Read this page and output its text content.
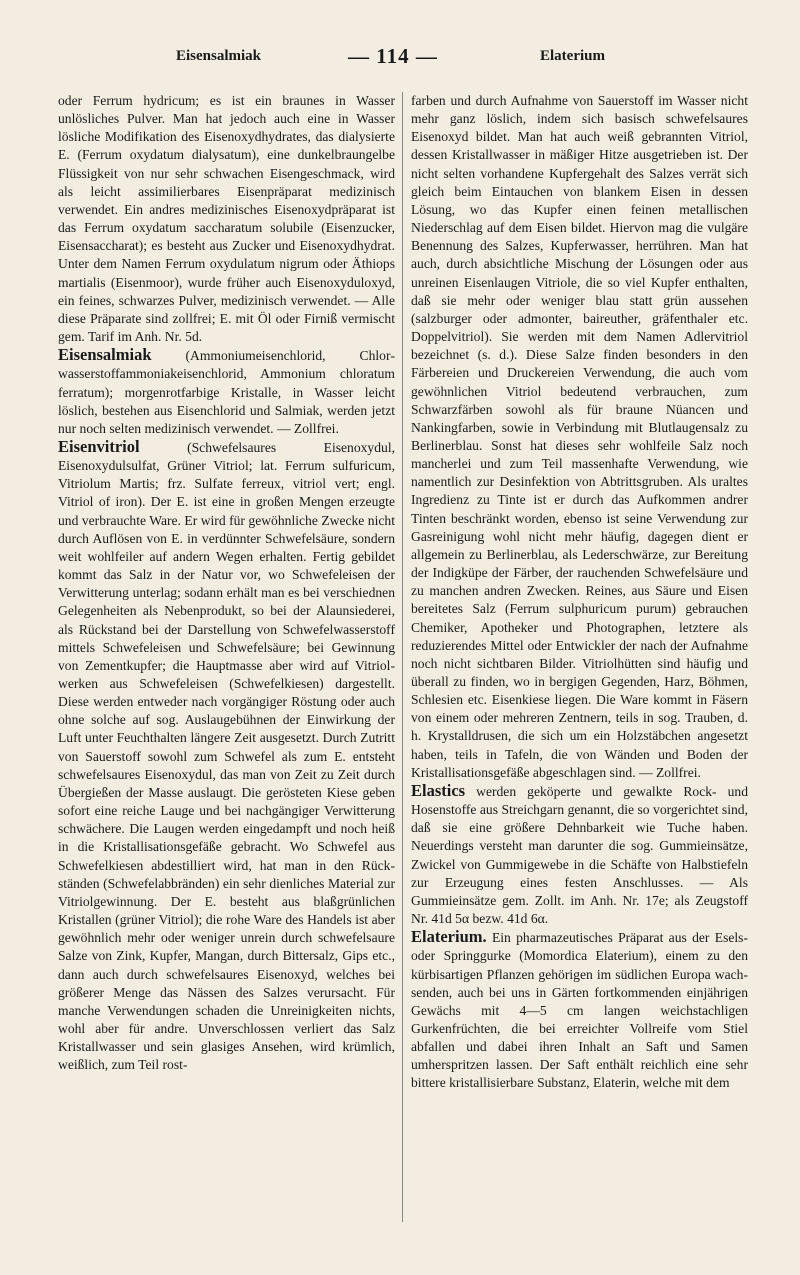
Eisensalmiak	— 114 —	Elaterium

oder Ferrum hydricum; es ist ein braunes in Wasser unlösliches Pulver. Man hat jedoch auch eine in Wasser lösliche Modifikation des Eisenoxydhydrates, das dialysierte E. (Ferrum oxydatum dialysatum), eine dunkelbraungelbe Flüssigkeit von nur sehr schwachen Eisengeschmack, wird als leicht assimilierbares Eisenpräparat medizinisch verwendet. Ein andres medizinisches Eisenoxydpräparat ist das Ferrum oxydatum saccharatum solubile (Eisenzucker, Eisensaccharat); es besteht aus Zucker und Eisenoxydhydrat. Unter dem Namen Ferrum oxydulatum nigrum oder Äthiops martialis (Eisenmoor), wurde früher auch Eisenoxyduloxyd, ein feines, schwarzes Pulver, medizinisch verwendet. — Alle diese Präparate sind zollfrei; E. mit Öl oder Firniß vermischt gem. Tarif im Anh. Nr. 5d.

Eisensalmiak (Ammoniumeisenchlorid, Chlorwasserstoffammoniakeisenchlorid, Ammonium chloratum ferratum); morgenrotfarbige Kristalle, in Wasser leicht löslich, bestehen aus Eisenchlorid und Salmiak, werden jetzt nur noch selten medizinisch verwendet. — Zollfrei.

Eisenvitriol (Schwefelsaures Eisenoxydul, Eisenoxydulsulfat, Grüner Vitriol; lat. Ferrum sulfuricum, Vitriolum Martis; frz. Sulfate ferreux, vitriol vert; engl. Vitriol of iron). Der E. ist eine in großen Mengen erzeugte und verbrauchte Ware. Er wird für gewöhnliche Zwecke nicht durch Auflösen von E. in verdünnter Schwefelsäure, sondern weit wohlfeiler auf andern Wegen erhalten. Fertig gebildet kommt das Salz in der Natur vor, wo Schwefeleisen der Verwitterung unterlag; sodann erhält man es bei verschiednen Gelegenheiten als Nebenprodukt, so bei der Alaunsiederei, als Rückstand bei der Darstellung von Schwefelwasserstoff mittels Schwefeleisen und Schwefelsäure; bei Gewinnung von Zementkupfer; die Hauptmasse aber wird auf Vitriolwerken aus Schwefeleisen (Schwefelkiesen) dargestellt. Diese werden entweder nach vorgängiger Röstung oder auch ohne solche auf sog. Auslaugebühnen der Einwirkung der Luft unter Feuchthalten längere Zeit ausgesetzt. Durch Zutritt von Sauerstoff sowohl zum Schwefel als zum E. entsteht schwefelsaures Eisenoxydul, das man von Zeit zu Zeit durch Übergießen der Masse auslaugt. Die gerösteten Kiese geben sofort eine reiche Lauge und bei nachgängiger Verwitterung schwächere. Die Laugen werden eingedampft und noch heiß in die Kristallisationsgefäße gebracht. Wo Schwefel aus Schwefelkiesen abdestilliert wird, hat man in den Rückständen (Schwefelabbränden) ein sehr dienliches Material zur Vitriolgewinnung. Der E. besteht aus blaßgrünlichen Kristallen (grüner Vitriol); die rohe Ware des Handels ist aber gewöhnlich mehr oder weniger unrein durch schwefelsaure Salze von Zink, Kupfer, Mangan, durch Bittersalz, Gips etc., dann auch durch schwefelsaures Eisenoxyd, welches bei größerer Menge das Nässen des Salzes verursacht. Für manche Verwendungen schaden die Unreinigkeiten nichts, wohl aber für andre. Unverschlossen verliert das Salz Kristallwasser und sein glasiges Ansehen, wird krümlich, weißlich, zum Teil rost-

farben und durch Aufnahme von Sauerstoff im Wasser nicht mehr ganz löslich, indem sich basisch schwefelsaures Eisenoxyd bildet. Man hat auch weiß gebrannten Vitriol, dessen Kristallwasser in mäßiger Hitze ausgetrieben ist. Der nicht selten vorhandene Kupfergehalt des Salzes verrät sich gleich beim Eintauchen von blankem Eisen in dessen Lösung, wo das Kupfer einen feinen metallischen Niederschlag auf dem Eisen bildet. Hiervon mag die vulgäre Benennung des Salzes, Kupferwasser, herrühren. Man hat auch, durch absichtliche Mischung der Lösungen oder aus unreinen Eisenlaugen Vitriole, die so viel Kupfer enthalten, daß sie mehr oder weniger blau statt grün aussehen (salzburger oder admonter, baireuther, gräfenthaler etc. Doppelvitriol). Sie werden mit dem Namen Adlervitriol bezeichnet (s. d.). Diese Salze finden besonders in den Färbereien und Druckereien Verwendung, die auch vom gewöhnlichen Vitriol bedeutend verbrauchen, zum Schwarzfärben sowohl als für braune Nüancen und Nankingfarben, sowie in Verbindung mit Blutlaugensalz zu Berlinerblau. Sonst hat dieses sehr wohlfeile Salz noch mancherlei und zum Teil massenhafte Verwendung, wie namentlich zur Desinfektion von Abtrittsgruben. Als uraltes Ingredienz zu Tinte ist er durch das Aufkommen andrer Tinten beschränkt worden, ebenso ist seine Verwendung zur Gasreinigung wohl nicht mehr häufig, dagegen dient er allgemein zu Berlinerblau, als Lederschwärze, zur Bereitung der Indigküpe der Färber, der rauchenden Schwefelsäure und zu manchen andren Zwecken. Reines, aus Säure und Eisen bereitetes Salz (Ferrum sulphuricum purum) gebrauchen Chemiker, Apotheker und Photographen, letztere als reduzierendes Mittel oder Entwickler der nach der Aufnahme noch nicht sichtbaren Bilder. Vitriolhütten sind häufig und überall zu finden, wo in bergigen Gegenden, Harz, Böhmen, Schlesien etc. Eisenkiese liegen. Die Ware kommt in Fäsern von einem oder mehreren Zentnern, teils in sog. Trauben, d. h. Krystalldrusen, die sich um ein Holzstäbchen angesetzt haben, teils in Tafeln, die von Wänden und Boden der Kristallisationsgefäße abgeschlagen sind. — Zollfrei.

Elastics werden geköperte und gewalkte Rock- und Hosenstoffe aus Streichgarn genannt, die so vorgerichtet sind, daß sie eine größere Dehnbarkeit wie Tuche haben. Neuerdings versteht man darunter die sog. Gummieinsätze, Zwickel von Gummigewebe in die Schäfte von Halbstiefeln zur Erzeugung eines festen Anschlusses. — Als Gummieinsätze gem. Zollt. im Anh. Nr. 17e; als Zeugstoff Nr. 41d 5α bezw. 41d 6α.

Elaterium. Ein pharmazeutisches Präparat aus der Esels- oder Springgurke (Momordica Elaterium), einem zu den kürbisartigen Pflanzen gehörigen im südlichen Europa wachsenden, auch bei uns in Gärten fortkommenden einjährigen Gewächs mit 4—5 cm langen weichstachligen Gurkenfrüchten, die bei erreichter Vollreife vom Stiel abfallen und dabei ihren Inhalt an Saft und Samen umherspritzen lassen. Der Saft enthält reichlich eine sehr bittere kristallisierbare Substanz, Elaterin, welche mit dem
